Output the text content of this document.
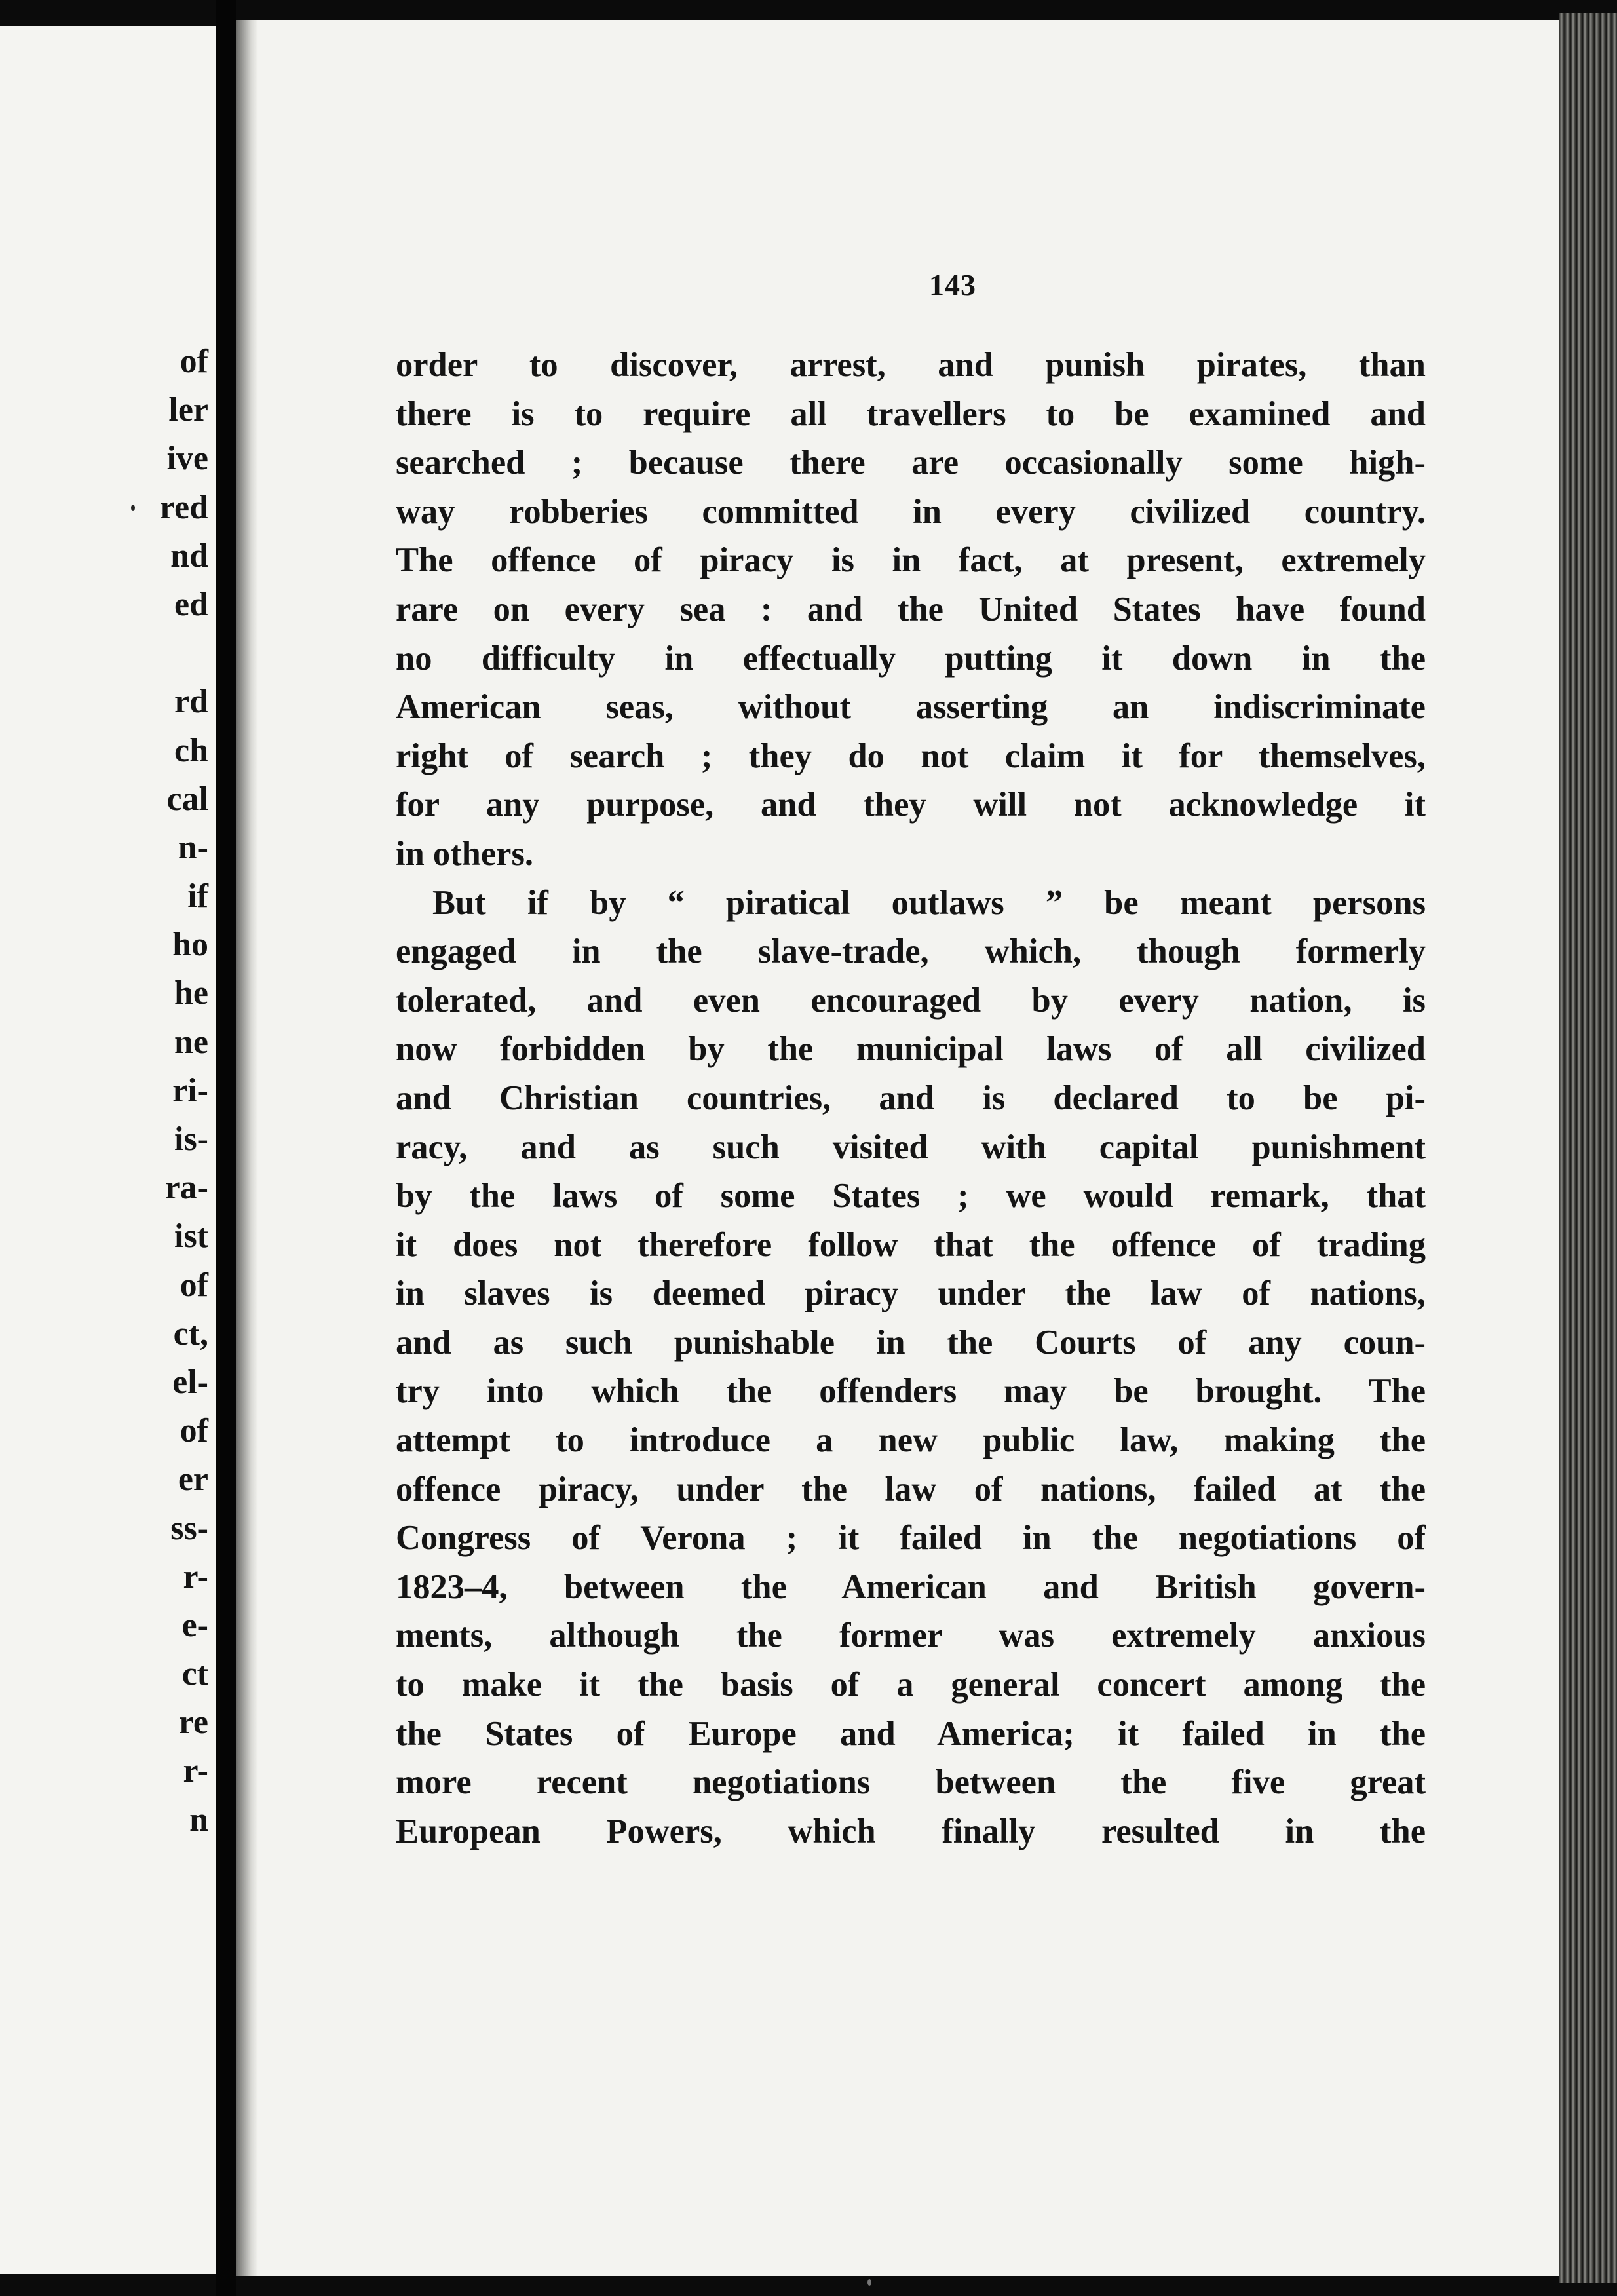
of
ler
ive
red
nd
ed
rd
ch
cal
n-
if
ho
he
ne
ri-
is-
ra-
ist
of
ct,
el-
of
er
ss-
r-
e-
ct
re
r-
n
143
order to discover, arrest, and punish pirates, than
there is to require all travellers to be examined and
searched ; because there are occasionally some high-
way robberies committed in every civilized country.
The offence of piracy is in fact, at present, extremely
rare on every sea : and the United States have found
no difficulty in effectually putting it down in the
American seas, without asserting an indiscriminate
right of search ; they do not claim it for themselves,
for any purpose, and they will not acknowledge it
in others.
But if by “ piratical outlaws ” be meant persons
engaged in the slave-trade, which, though formerly
tolerated, and even encouraged by every nation, is
now forbidden by the municipal laws of all civilized
and Christian countries, and is declared to be pi-
racy, and as such visited with capital punishment
by the laws of some States ; we would remark, that
it does not therefore follow that the offence of trading
in slaves is deemed piracy under the law of nations,
and as such punishable in the Courts of any coun-
try into which the offenders may be brought. The
attempt to introduce a new public law, making the
offence piracy, under the law of nations, failed at the
Congress of Verona ; it failed in the negotiations of
1823–4, between the American and British govern-
ments, although the former was extremely anxious
to make it the basis of a general concert among the
the States of Europe and America; it failed in the
more recent negotiations between the five great
European Powers, which finally resulted in the
